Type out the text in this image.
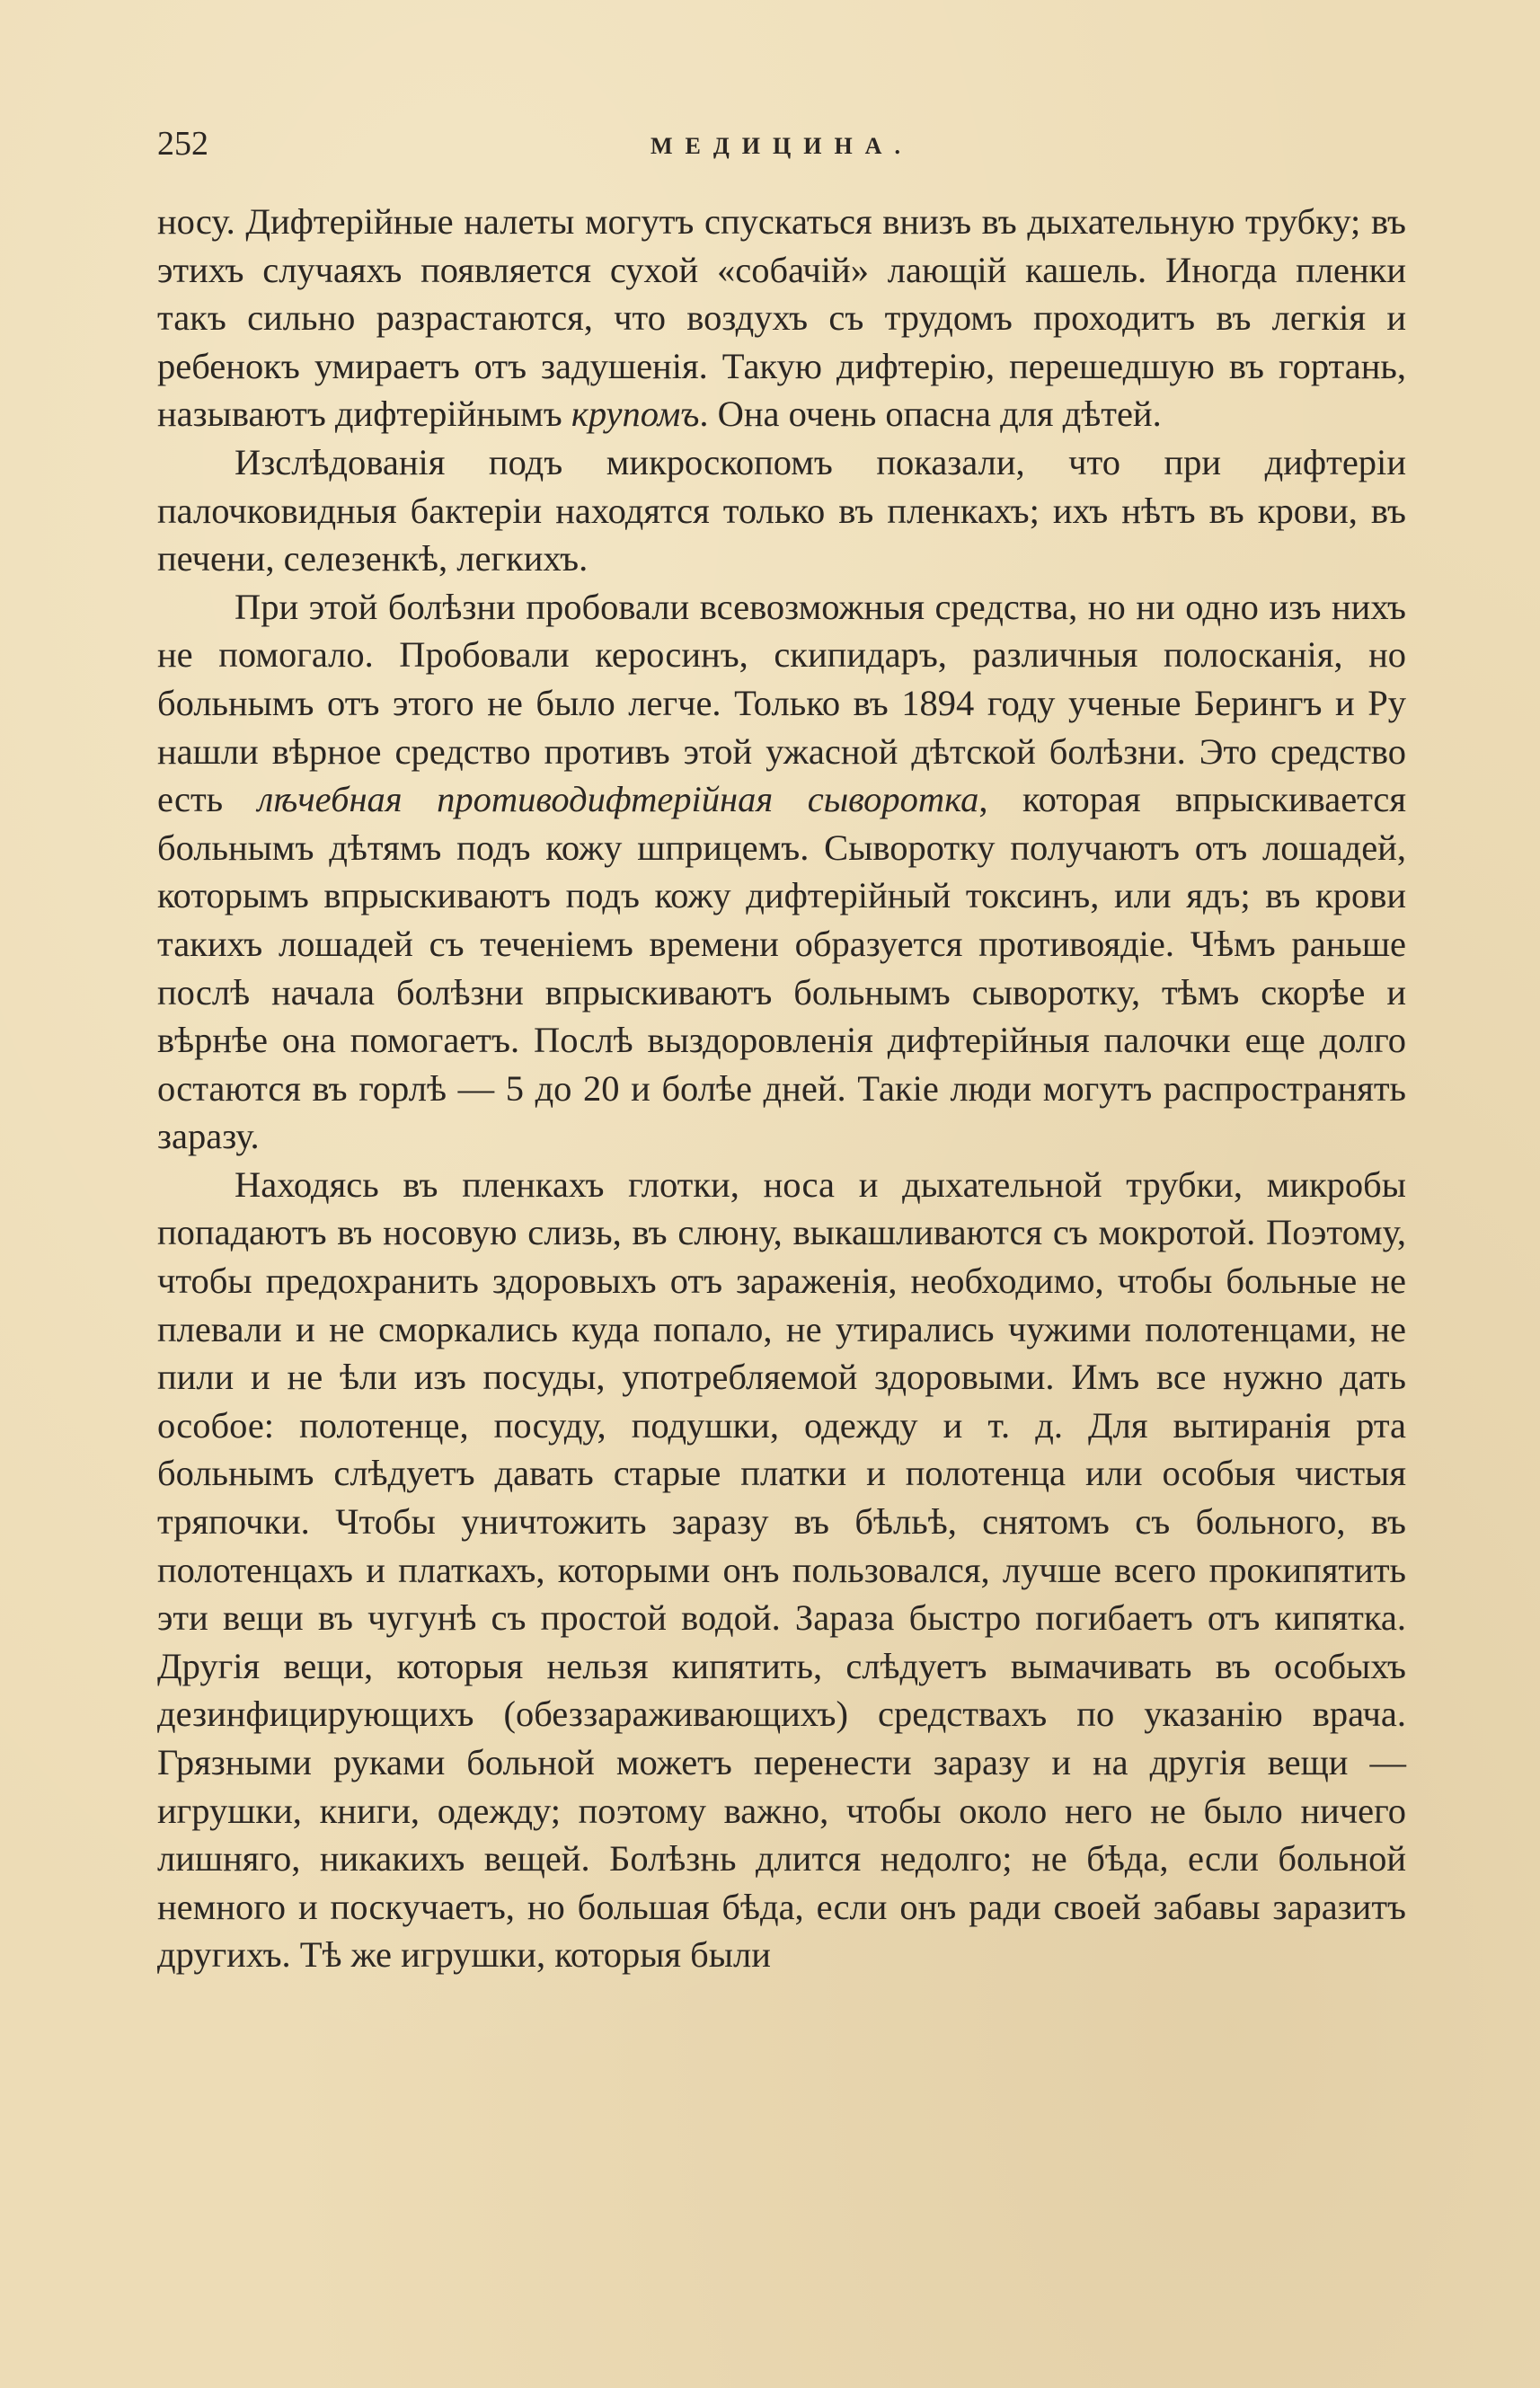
252	МЕДИЦИНА.

носу. Дифтерійные налеты могутъ спускаться внизъ въ дыхательную трубку; въ этихъ случаяхъ появляется сухой «собачій» лающій кашель. Иногда пленки такъ сильно разрастаются, что воздухъ съ трудомъ проходитъ въ легкія и ребенокъ умираетъ отъ задушенія. Такую дифтерію, перешедшую въ гортань, называютъ дифтерійнымъ крупомъ. Она очень опасна для дѣтей.

Изслѣдованія подъ микроскопомъ показали, что при дифтеріи палочковидныя бактеріи находятся только въ пленкахъ; ихъ нѣтъ въ крови, въ печени, селезенкѣ, легкихъ.

При этой болѣзни пробовали всевозможныя средства, но ни одно изъ нихъ не помогало. Пробовали керосинъ, скипидаръ, различныя полосканія, но больнымъ отъ этого не было легче. Только въ 1894 году ученые Берингъ и Ру нашли вѣрное средство противъ этой ужасной дѣтской болѣзни. Это средство есть лѣчебная противодифтерійная сыворотка, которая впрыскивается больнымъ дѣтямъ подъ кожу шприцемъ. Сыворотку получаютъ отъ лошадей, которымъ впрыскиваютъ подъ кожу дифтерійный токсинъ, или ядъ; въ крови такихъ лошадей съ теченіемъ времени образуется противоядіе. Чѣмъ раньше послѣ начала болѣзни впрыскиваютъ больнымъ сыворотку, тѣмъ скорѣе и вѣрнѣе она помогаетъ. Послѣ выздоровленія дифтерійныя палочки еще долго остаются въ горлѣ — 5 до 20 и болѣе дней. Такіе люди могутъ распространять заразу.

Находясь въ пленкахъ глотки, носа и дыхательной трубки, микробы попадаютъ въ носовую слизь, въ слюну, выкашливаются съ мокротой. Поэтому, чтобы предохранить здоровыхъ отъ зараженія, необходимо, чтобы больные не плевали и не сморкались куда попало, не утирались чужими полотенцами, не пили и не ѣли изъ посуды, употребляемой здоровыми. Имъ все нужно дать особое: полотенце, посуду, подушки, одежду и т. д. Для вытиранія рта больнымъ слѣдуетъ давать старые платки и полотенца или особыя чистыя тряпочки. Чтобы уничтожить заразу въ бѣльѣ, снятомъ съ больного, въ полотенцахъ и платкахъ, которыми онъ пользовался, лучше всего прокипятить эти вещи въ чугунѣ съ простой водой. Зараза быстро погибаетъ отъ кипятка. Другія вещи, которыя нельзя кипятить, слѣдуетъ вымачивать въ особыхъ дезинфицирующихъ (обеззараживающихъ) средствахъ по указанію врача. Грязными руками больной можетъ перенести заразу и на другія вещи — игрушки, книги, одежду; поэтому важно, чтобы около него не было ничего лишняго, никакихъ вещей. Болѣзнь длится недолго; не бѣда, если больной немного и поскучаетъ, но большая бѣда, если онъ ради своей забавы заразитъ другихъ. Тѣ же игрушки, которыя были
